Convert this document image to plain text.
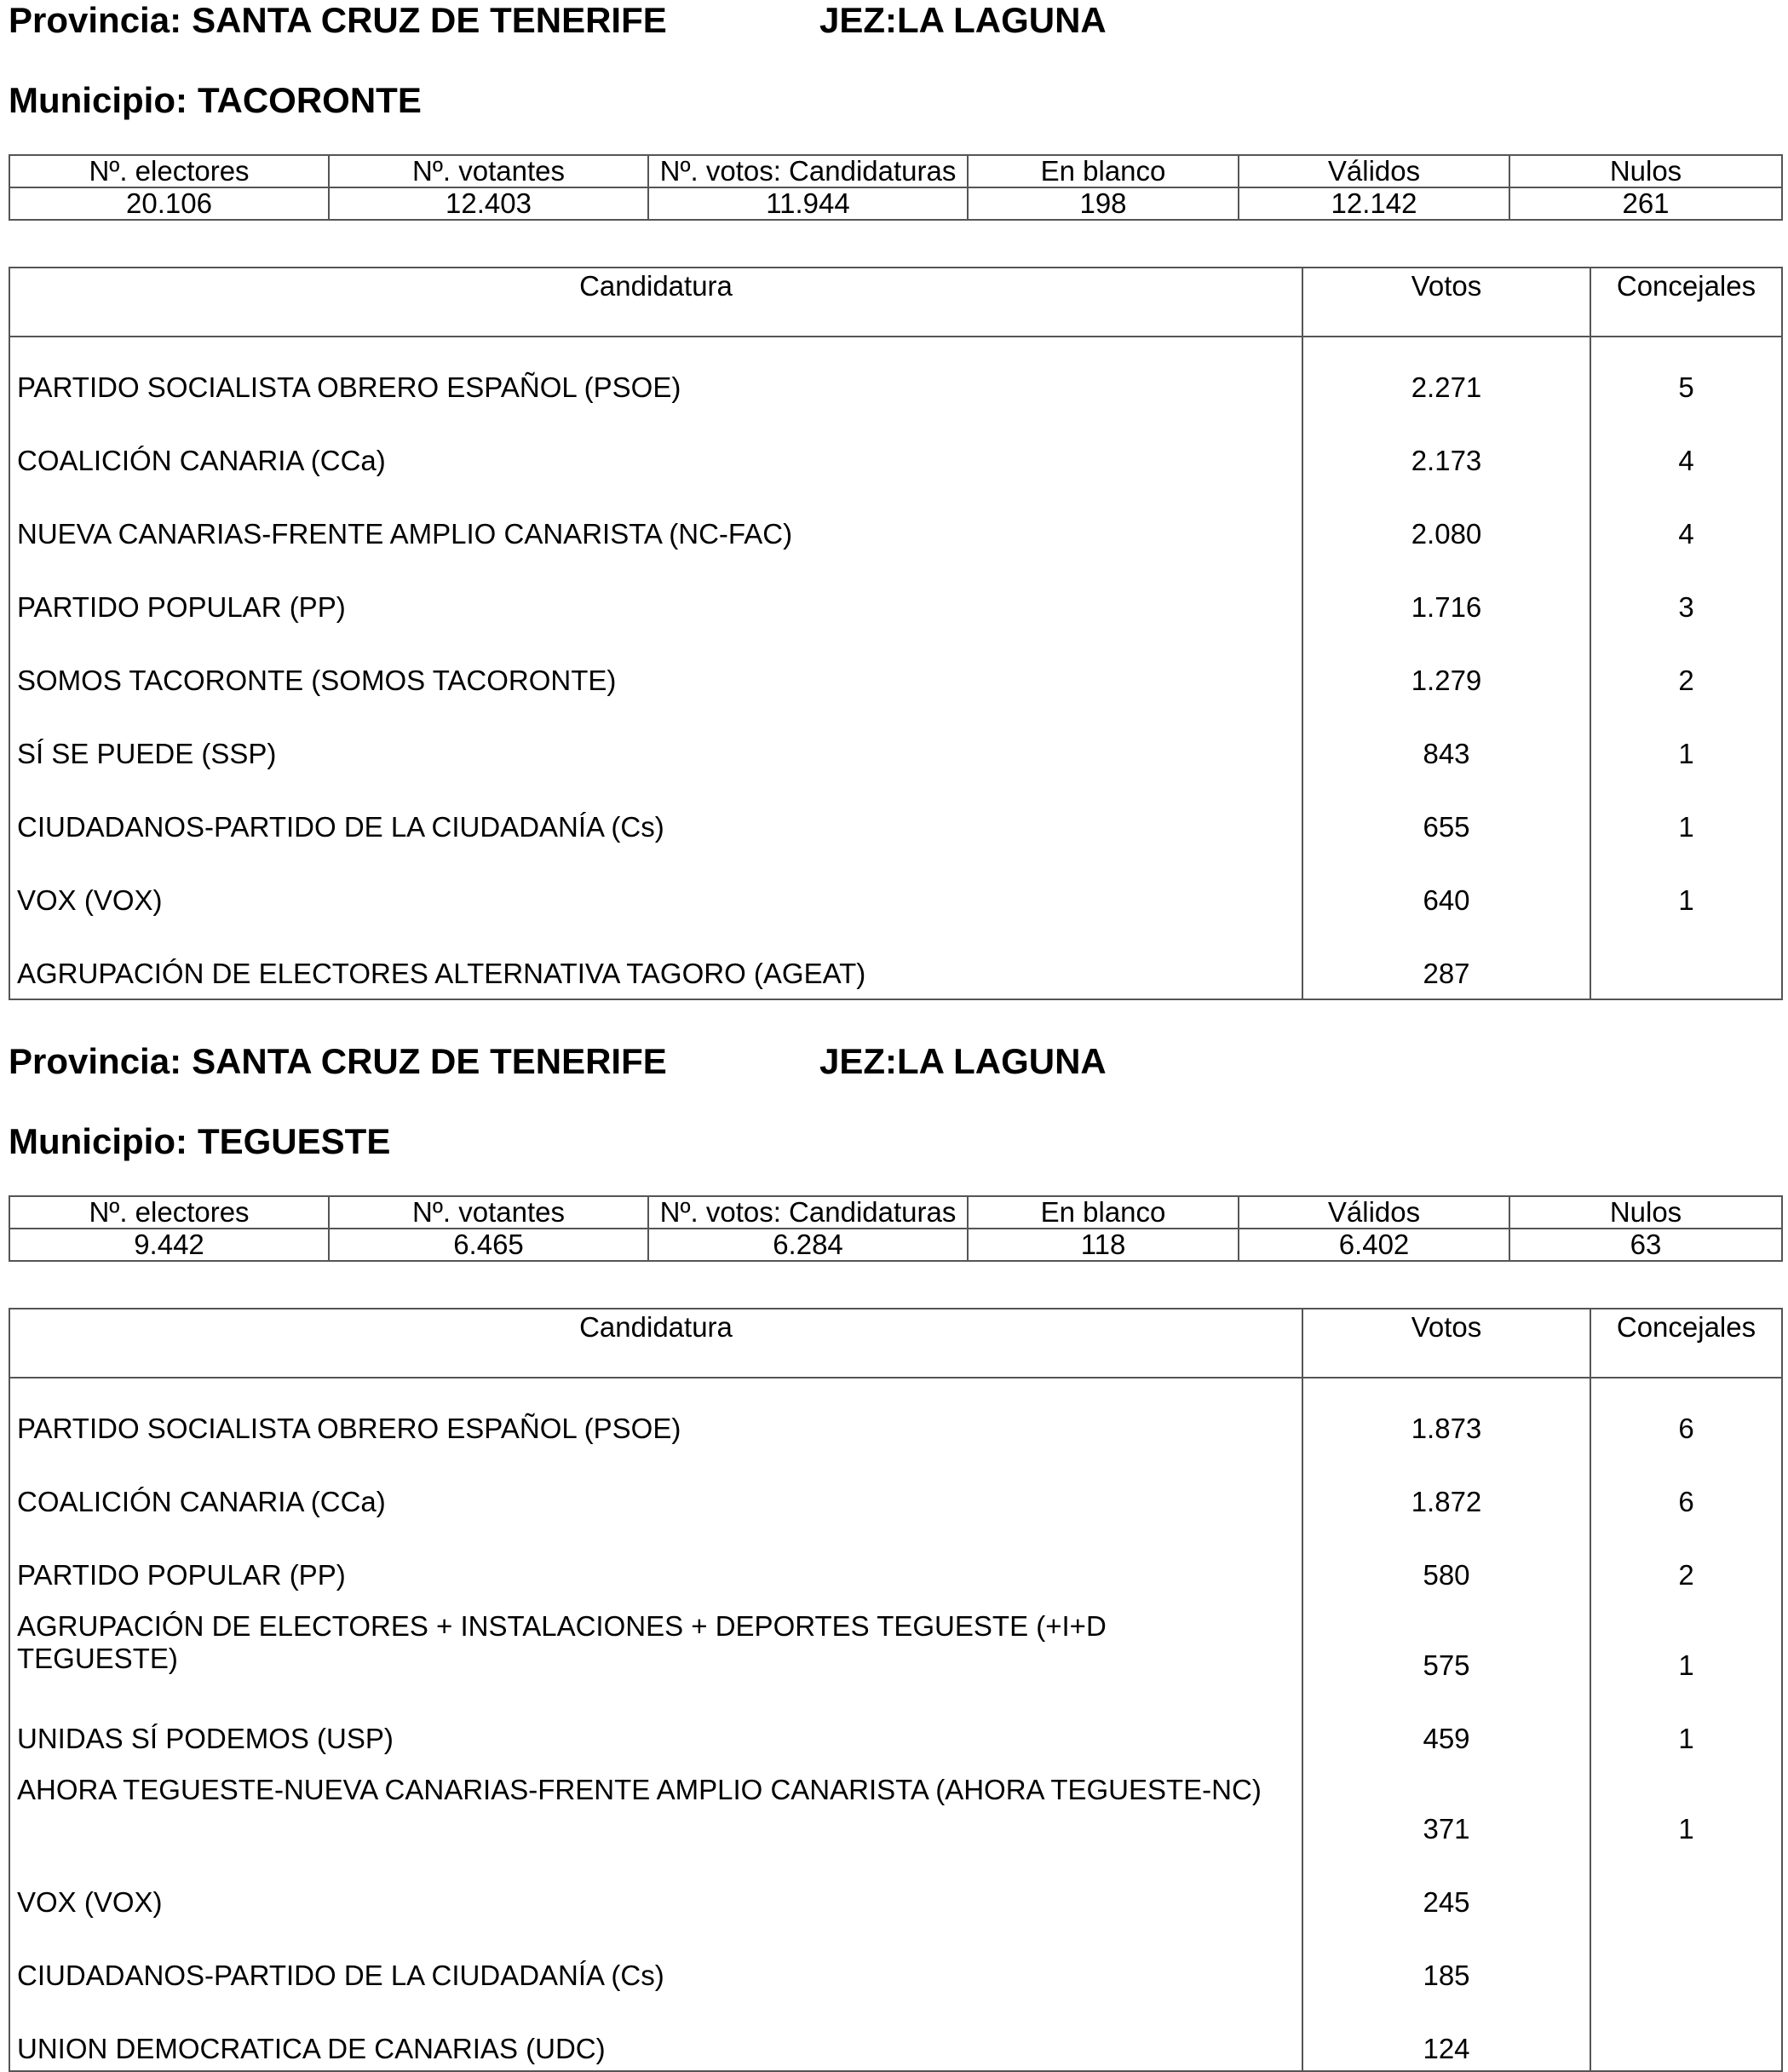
Provincia: SANTA CRUZ DE TENERIFE	JEZ:LA LAGUNA
Municipio: TACORONTE
Nº. electores	Nº. votantes	Nº. votos: Candidaturas	En blanco	Válidos	Nulos
20.106	12.403	11.944	198	12.142	261
Candidatura	Votos	Concejales
PARTIDO SOCIALISTA OBRERO ESPAÑOL (PSOE)	2.271	5
COALICIÓN CANARIA (CCa)	2.173	4
NUEVA CANARIAS-FRENTE AMPLIO CANARISTA (NC-FAC)	2.080	4
PARTIDO POPULAR (PP)	1.716	3
SOMOS TACORONTE (SOMOS TACORONTE)	1.279	2
SÍ SE PUEDE (SSP)	843	1
CIUDADANOS-PARTIDO DE LA CIUDADANÍA (Cs)	655	1
VOX (VOX)	640	1
AGRUPACIÓN DE ELECTORES ALTERNATIVA TAGORO (AGEAT)	287	
Provincia: SANTA CRUZ DE TENERIFE	JEZ:LA LAGUNA
Municipio: TEGUESTE
Nº. electores	Nº. votantes	Nº. votos: Candidaturas	En blanco	Válidos	Nulos
9.442	6.465	6.284	118	6.402	63
Candidatura	Votos	Concejales
PARTIDO SOCIALISTA OBRERO ESPAÑOL (PSOE)	1.873	6
COALICIÓN CANARIA (CCa)	1.872	6
PARTIDO POPULAR (PP)	580	2
AGRUPACIÓN DE ELECTORES + INSTALACIONES + DEPORTES TEGUESTE (+I+D TEGUESTE)	575	1
UNIDAS SÍ PODEMOS (USP)	459	1
AHORA TEGUESTE-NUEVA CANARIAS-FRENTE AMPLIO CANARISTA (AHORA TEGUESTE-NC)	371	1
VOX (VOX)	245	
CIUDADANOS-PARTIDO DE LA CIUDADANÍA (Cs)	185	
UNION DEMOCRATICA DE CANARIAS (UDC)	124	
